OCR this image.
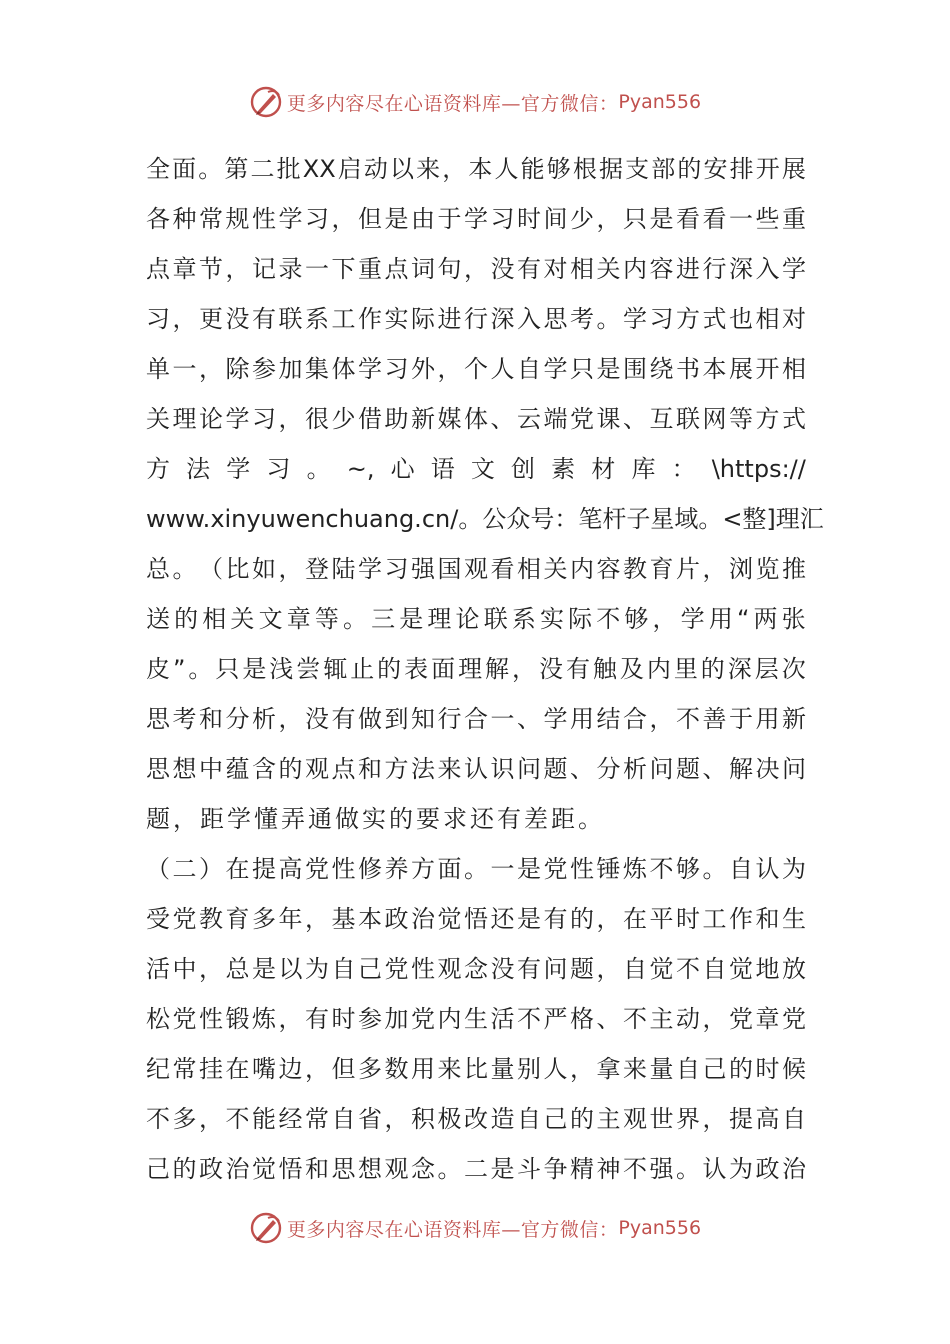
更多内容尽在心语资料库—官方微信： Pyan556
全 面 。 第 二 批 XX 启 动 以 来 ， 本 人 能 够 根 据 支 部 的 安 排 开 展
各 种 常 规 性 学 习 ， 但 是 由 于 学 习 时 间 少 ， 只 是 看 看 一 些 重
点 章 节 ， 记 录 一 下 重 点 词 句 ， 没 有 对 相 关 内 容 进 行 深 入 学
习 ， 更 没 有 联 系 工 作 实 际 进 行 深 入 思 考 。 学 习 方 式 也 相 对
单 一 ， 除 参 加 集 体 学 习 外 ， 个 人 自 学 只 是 围 绕 书 本 展 开 相
关 理 论 学 习 ， 很 少 借 助 新 媒 体 、 云 端 党 课 、 互 联 网 等 方 式
方 法 学 习 。 ~, 心 语 文 创 素 材 库 ： \https://
www.xinyuwenchuang.cn/ 。 公 众 号 ： 笔 杆 子 星 域 。 < 整 ] 理 汇
总 。 （ 比 如 ， 登 陆 学 习 强 国 观 看 相 关 内 容 教 育 片 ， 浏 览 推
送 的 相 关 文 章 等 。 三 是 理 论 联 系 实 际 不 够 ， 学 用 “ 两 张
皮 ” 。 只 是 浅 尝 辄 止 的 表 面 理 解 ， 没 有 触 及 内 里 的 深 层 次
思 考 和 分 析 ， 没 有 做 到 知 行 合 一 、 学 用 结 合 ， 不 善 于 用 新
思 想 中 蕴 含 的 观 点 和 方 法 来 认 识 问 题 、 分 析 问 题 、 解 决 问
题，距学懂弄通做实的要求还有差距。
（ 二 ） 在 提 高 党 性 修 养 方 面 。 一 是 党 性 锤 炼 不 够 。 自 认 为
受 党 教 育 多 年 ， 基 本 政 治 觉 悟 还 是 有 的 ， 在 平 时 工 作 和 生
活 中 ， 总 是 以 为 自 己 党 性 观 念 没 有 问 题 ， 自 觉 不 自 觉 地 放
松 党 性 锻 炼 ， 有 时 参 加 党 内 生 活 不 严 格 、 不 主 动 ， 党 章 党
纪 常 挂 在 嘴 边 ， 但 多 数 用 来 比 量 别 人 ， 拿 来 量 自 己 的 时 候
不 多 ， 不 能 经 常 自 省 ， 积 极 改 造 自 己 的 主 观 世 界 ， 提 高 自
己 的 政 治 觉 悟 和 思 想 观 念 。 二 是 斗 争 精 神 不 强 。 认 为 政 治
更多内容尽在心语资料库—官方微信： Pyan556
